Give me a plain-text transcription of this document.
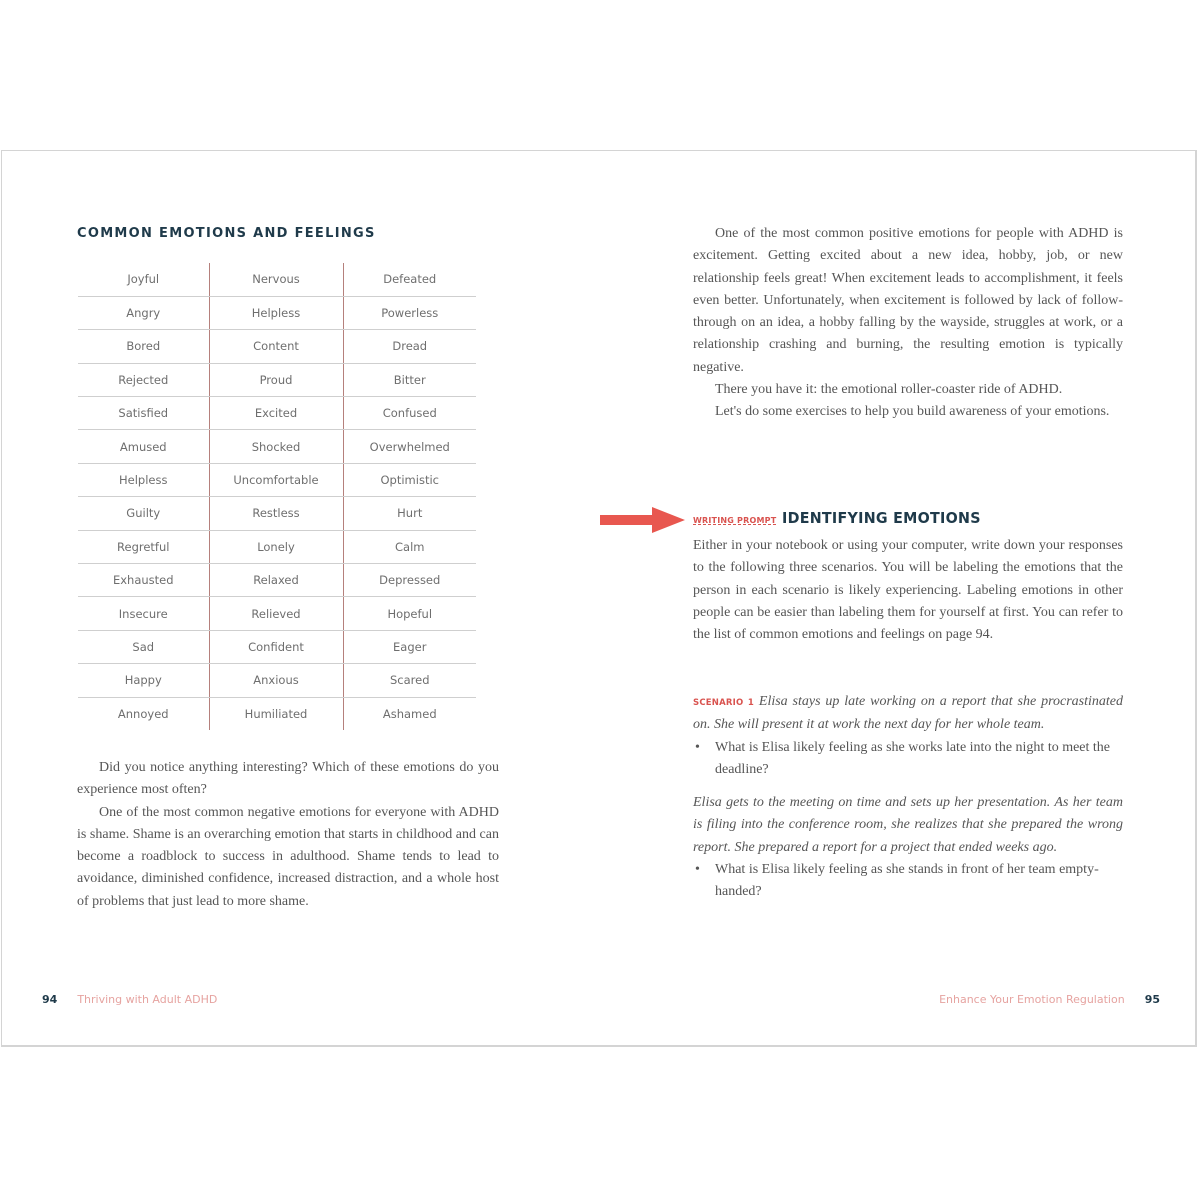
COMMON EMOTIONS AND FEELINGS
Joyful	Nervous	Defeated
Angry	Helpless	Powerless
Bored	Content	Dread
Rejected	Proud	Bitter
Satisfied	Excited	Confused
Amused	Shocked	Overwhelmed
Helpless	Uncomfortable	Optimistic
Guilty	Restless	Hurt
Regretful	Lonely	Calm
Exhausted	Relaxed	Depressed
Insecure	Relieved	Hopeful
Sad	Confident	Eager
Happy	Anxious	Scared
Annoyed	Humiliated	Ashamed

Did you notice anything interesting? Which of these emotions do you experience most often?

One of the most common negative emotions for everyone with ADHD is shame. Shame is an overarching emotion that starts in childhood and can become a roadblock to success in adulthood. Shame tends to lead to avoidance, diminished confidence, increased distraction, and a whole host of problems that just lead to more shame.

94 Thriving with Adult ADHD

One of the most common positive emotions for people with ADHD is excitement. Getting excited about a new idea, hobby, job, or new relationship feels great! When excitement leads to accomplishment, it feels even better. Unfortunately, when excitement is followed by lack of follow-through on an idea, a hobby falling by the wayside, struggles at work, or a relationship crashing and burning, the resulting emotion is typically negative.

There you have it: the emotional roller-coaster ride of ADHD.

Let's do some exercises to help you build awareness of your emotions.

WRITING PROMPT IDENTIFYING EMOTIONS

Either in your notebook or using your computer, write down your responses to the following three scenarios. You will be labeling the emotions that the person in each scenario is likely experiencing. Labeling emotions in other people can be easier than labeling them for yourself at first. You can refer to the list of common emotions and feelings on page 94.

SCENARIO 1 Elisa stays up late working on a report that she procrastinated on. She will present it at work the next day for her whole team.

• What is Elisa likely feeling as she works late into the night to meet the deadline?

Elisa gets to the meeting on time and sets up her presentation. As her team is filing into the conference room, she realizes that she prepared the wrong report. She prepared a report for a project that ended weeks ago.

• What is Elisa likely feeling as she stands in front of her team empty-handed?
Enhance Your Emotion Regulation 95
